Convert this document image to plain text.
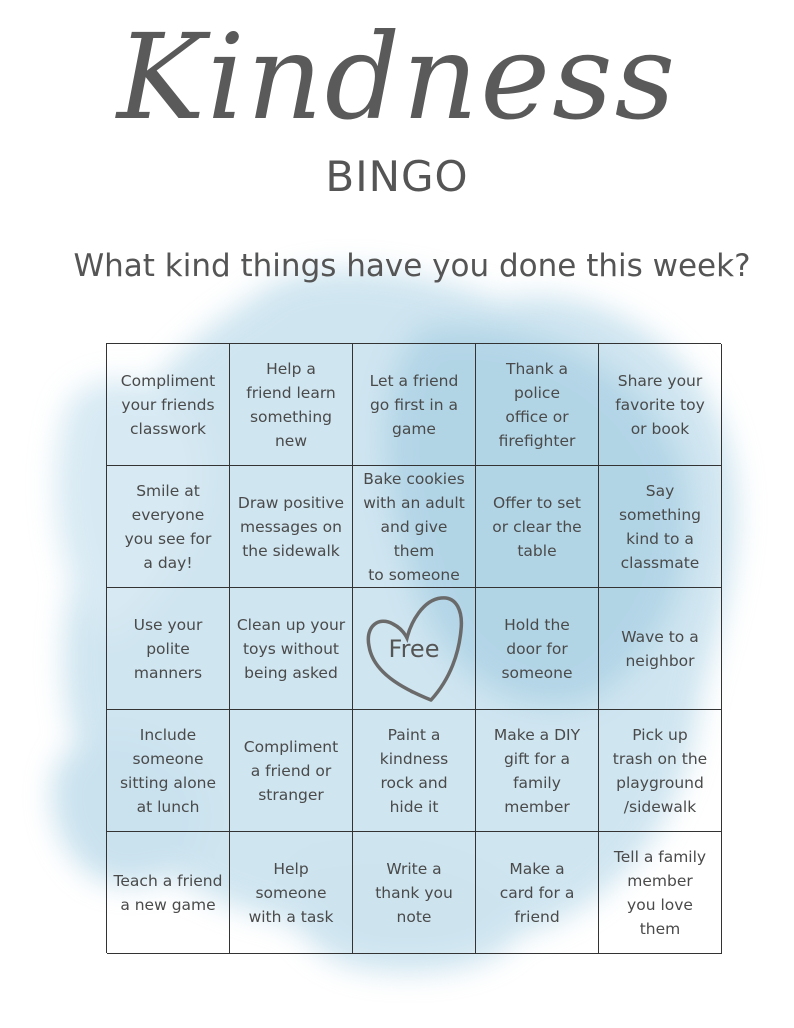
Kindness
BINGO
What kind things have you done this week?
Compliment
your friends
classwork
Help a
friend learn
something
new
Let a friend
go first in a
game
Thank a
police
office or
firefighter
Share your
favorite toy
or book
Smile at
everyone
you see for
a day!
Draw positive
messages on
the sidewalk
Bake cookies
with an adult
and give them
to someone
Offer to set
or clear the
table
Say
something
kind to a
classmate
Use your
polite
manners
Clean up your
toys without
being asked
Free
Hold the
door for
someone
Wave to a
neighbor
Include
someone
sitting alone
at lunch
Compliment
a friend or
stranger
Paint a
kindness
rock and
hide it
Make a DIY
gift for a
family
member
Pick up
trash on the
playground
/sidewalk
Teach a friend
a new game
Help
someone
with a task
Write a
thank you
note
Make a
card for a
friend
Tell a family
member
you love
them
